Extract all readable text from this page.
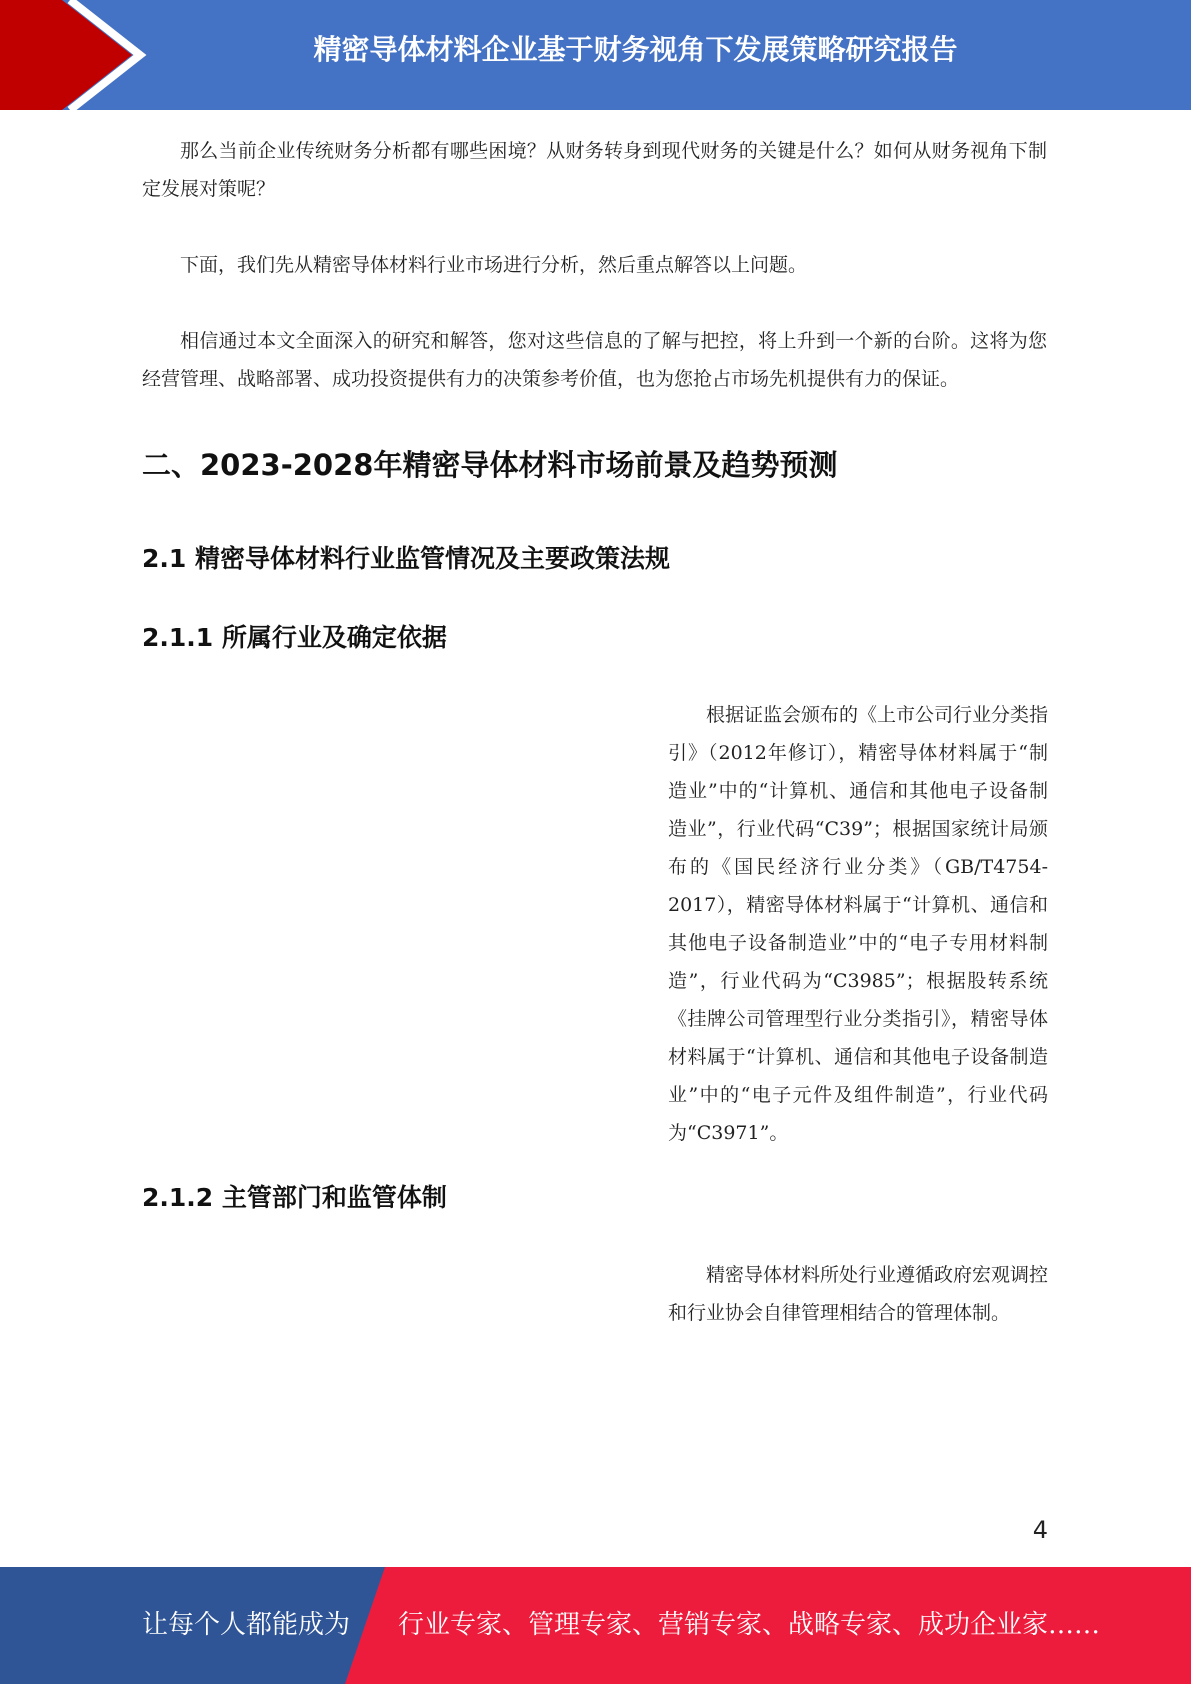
精密导体材料企业基于财务视角下发展策略研究报告

那么当前企业传统财务分析都有哪些困境？从财务转身到现代财务的关键是什么？如何从财务视角下制定发展对策呢？

下面，我们先从精密导体材料行业市场进行分析，然后重点解答以上问题。

相信通过本文全面深入的研究和解答，您对这些信息的了解与把控，将上升到一个新的台阶。这将为您经营管理、战略部署、成功投资提供有力的决策参考价值，也为您抢占市场先机提供有力的保证。

二、2023-2028年精密导体材料市场前景及趋势预测
2.1 精密导体材料行业监管情况及主要政策法规
2.1.1 所属行业及确定依据
根据证监会颁布的《上市公司行业分类指引》（2012年修订），精密导体材料属于“制造业”中的“计算机、通信和其他电子设备制造业”，行业代码“C39”；根据国家统计局颁布的《国民经济行业分类》（GB/T4754-2017），精密导体材料属于“计算机、通信和其他电子设备制造业”中的“电子专用材料制造”，行业代码为“C3985”；根据股转系统《挂牌公司管理型行业分类指引》，精密导体材料属于“计算机、通信和其他电子设备制造业”中的“电子元件及组件制造”，行业代码为“C3971”。
2.1.2 主管部门和监管体制
精密导体材料所处行业遵循政府宏观调控和行业协会自律管理相结合的管理体制。
4
让每个人都能成为 行业专家、管理专家、营销专家、战略专家、成功企业家……
